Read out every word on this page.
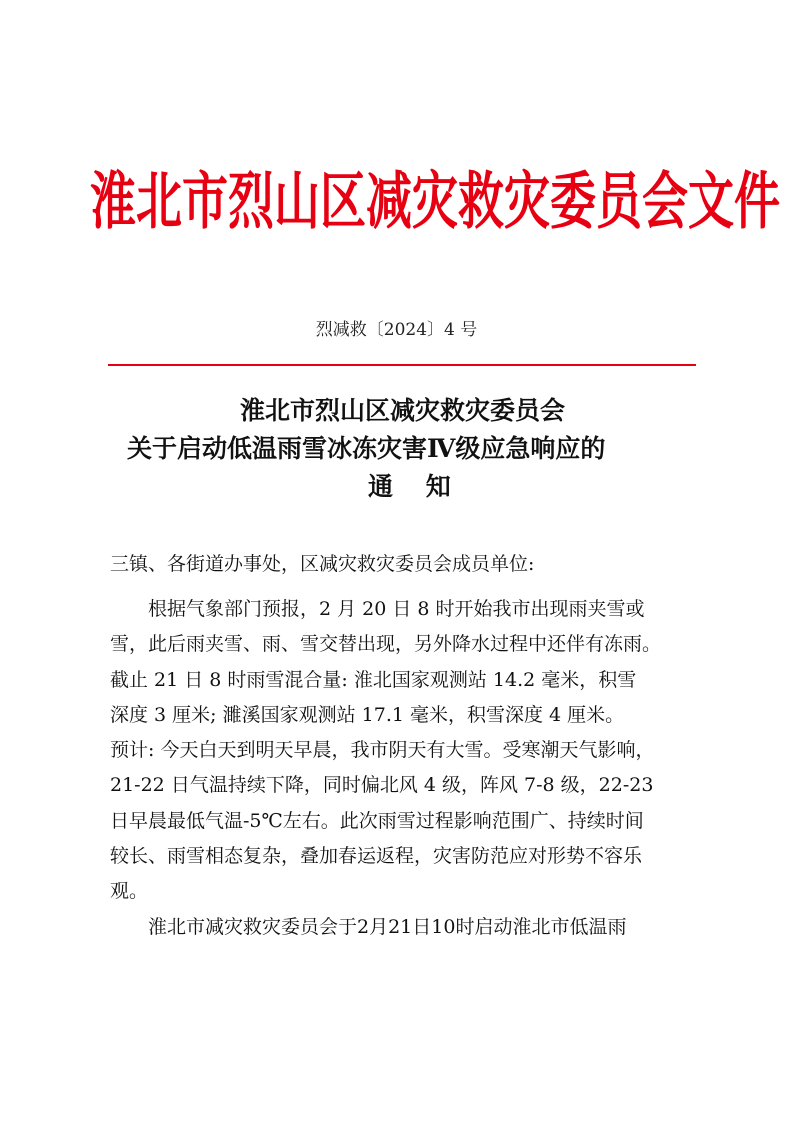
淮北市烈山区减灾救灾委员会文件
烈减救〔2024〕4 号
淮北市烈山区减灾救灾委员会
关于启动低温雨雪冰冻灾害Ⅳ级应急响应的
通 知
三镇、各街道办事处，区减灾救灾委员会成员单位:
根据气象部门预报，2 月 20 日 8 时开始我市出现雨夹雪或
雪，此后雨夹雪、雨、雪交替出现，另外降水过程中还伴有冻雨。
截止 21 日 8 时雨雪混合量: 淮北国家观测站 14.2 毫米，积雪
深度 3 厘米; 濉溪国家观测站 17.1 毫米，积雪深度 4 厘米。
预计: 今天白天到明天早晨，我市阴天有大雪。受寒潮天气影响，
21-22 日气温持续下降，同时偏北风 4 级，阵风 7-8 级，22-23
日早晨最低气温-5℃左右。此次雨雪过程影响范围广、持续时间
较长、雨雪相态复杂，叠加春运返程，灾害防范应对形势不容乐
观。
淮北市减灾救灾委员会于2月21日10时启动淮北市低温雨
